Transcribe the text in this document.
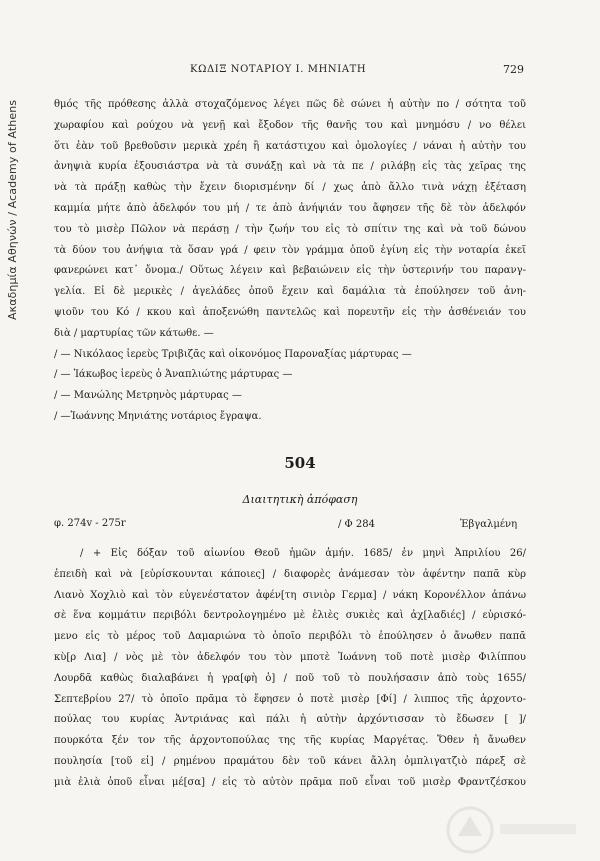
Ακαδημία Αθηνών / Academy of Athens
ΚΩΔΙΞ ΝΟΤΑΡΙΟΥ Ι. ΜΗΝΙΑΤΗ	729
θμός τῆς πρόθεσης ἀλλὰ στοχαζόμενος λέγει πῶς δὲ σώνει ἡ αὐτὴν πο / σότητα τοῦ
χωραφίου καὶ ρούχου νὰ γενῇ καὶ ἔξοδον τῆς θανῆς του καὶ μνημόσυ / νο θέλει
ὅτι ἐὰν τοῦ βρεθοῦσιν μερικὰ χρέη ἢ κατάστιχου καὶ ὁμολογίες / νάναι ἡ αὐτὴν του
ἀνηψιὰ κυρία ἐξουσιάστρα νὰ τὰ συνάξῃ καὶ νὰ τὰ πε / ριλάβῃ εἰς τὰς χεῖρας της
νὰ τὰ πράξῃ καθὼς τὴν ἔχειν διορισμένην δί / χως ἀπὸ ἄλλο τινὰ νάχῃ ἐξέταση
καμμία μήτε ἀπὸ ἀδελφόν του μή / τε ἀπὸ ἀνήψιάν του ἄφησεν τῆς δὲ τὸν ἀδελφόν
του τὸ μισὲρ Πῶλον νὰ περάσῃ / τὴν ζωήν του εἰς τὸ σπίτιν της καὶ νὰ τοῦ δώνου
τὰ δύον του ἀνήψια τὰ ὅσαν γρά / φειν τὸν γράμμα ὁποῦ ἐγίνη εἰς τὴν νοταρία ἐκεῖ
φανερώνει κατ᾽ ὄνομα./ Οὕτως λέγειν καὶ βεβαιώνειν εἰς τὴν ὑστερινήν του παρανγ-
γελία. Εἰ δὲ μερικὲς / ἀγελάδες ὁποῦ ἔχειν καὶ δαμάλια τὰ ἐπούλησεν τοῦ ἀνη-
ψιοῦν του Κό / κκου καὶ ἀποξενώθη παντελῶς καὶ πορευτῆν εἰς τὴν ἀσθένειάν του
διὰ / μαρτυρίας τῶν κάτωθε. —
/ — Νικόλαος ἱερεὺς Τριβιζᾶς καὶ οἰκονόμος Παροναξίας μάρτυρας —
/ — Ἰάκωβος ἱερεὺς ὁ Ἀναπλιώτης μάρτυρας —
/ — Μανώλης Μετρηνὸς μάρτυρας —
/ —Ἰωάννης Μηνιάτης νοτάριος ἔγραψα.
504
Διαιτητικὴ ἀπόφαση
φ. 274v - 275r	/ Φ 284	Ἐβγαλμένη
/ + Εἰς δόξαν τοῦ αἰωνίου Θεοῦ ἡμῶν ἀμήν. 1685/ ἐν μηνὶ Ἀπριλίου 26/
ἐπειδὴ καὶ νὰ [εὑρίσκουνται κάποιες] / διαφορὲς ἀνάμεσαν τὸν ἀφέντην παπᾶ κὺρ
Λιανὸ Χοχλιὸ καὶ τὸν εὐγενέστατον ἀφέν[τη σινιὸρ Γερμα] / νάκη Κορονέλλον ἀπάνω
σὲ ἕνα κομμάτιν περιβόλι δεντρολογημένο μὲ ἐλιὲς συκιὲς καὶ ἀχ[λαδιές] / εὑρισκό-
μενο εἰς τὸ μέρος τοῦ Δαμαριώνα τὸ ὁποῖο περιβόλι τὸ ἐπούλησεν ὁ ἄνωθεν παπᾶ
κὺ[ρ Λια] / νὸς μὲ τὸν ἀδελφόν του τὸν μποτὲ Ἰωάννη τοῦ ποτὲ μισὲρ Φιλίππου
Λουρδᾶ καθὼς διαλαβάνει ἡ γρα[φὴ ὁ] / ποῦ τοῦ τὸ πουλήσασιν ἀπὸ τοὺς 1655/
Σεπτεβρίου 27/ τὸ ὁποῖο πρᾶμα τὸ ἔφησεν ὁ ποτὲ μισὲρ [Φί] / λιππος τῆς ἀρχοντο-
πούλας του κυρίας Ἀντριάνας καὶ πάλι ἡ αὐτὴν ἀρχόντισσαν τὸ ἔδωσεν [ ]/
πουρκότα ξέν τον τῆς ἀρχοντοπούλας της τῆς κυρίας Μαργέτας. Ὅθεν ἡ ἄνωθεν
πουλησία [τοῦ εἰ] / ρημένου πραμάτου δὲν τοῦ κάνει ἄλλη ὀμπλιγατζιὸ πάρεξ σὲ
μιὰ ἐλιὰ ὁποῦ εἶναι μέ[σα] / εἰς τὸ αὐτὸν πρᾶμα ποῦ εἶναι τοῦ μισὲρ Φραντζέσκου
